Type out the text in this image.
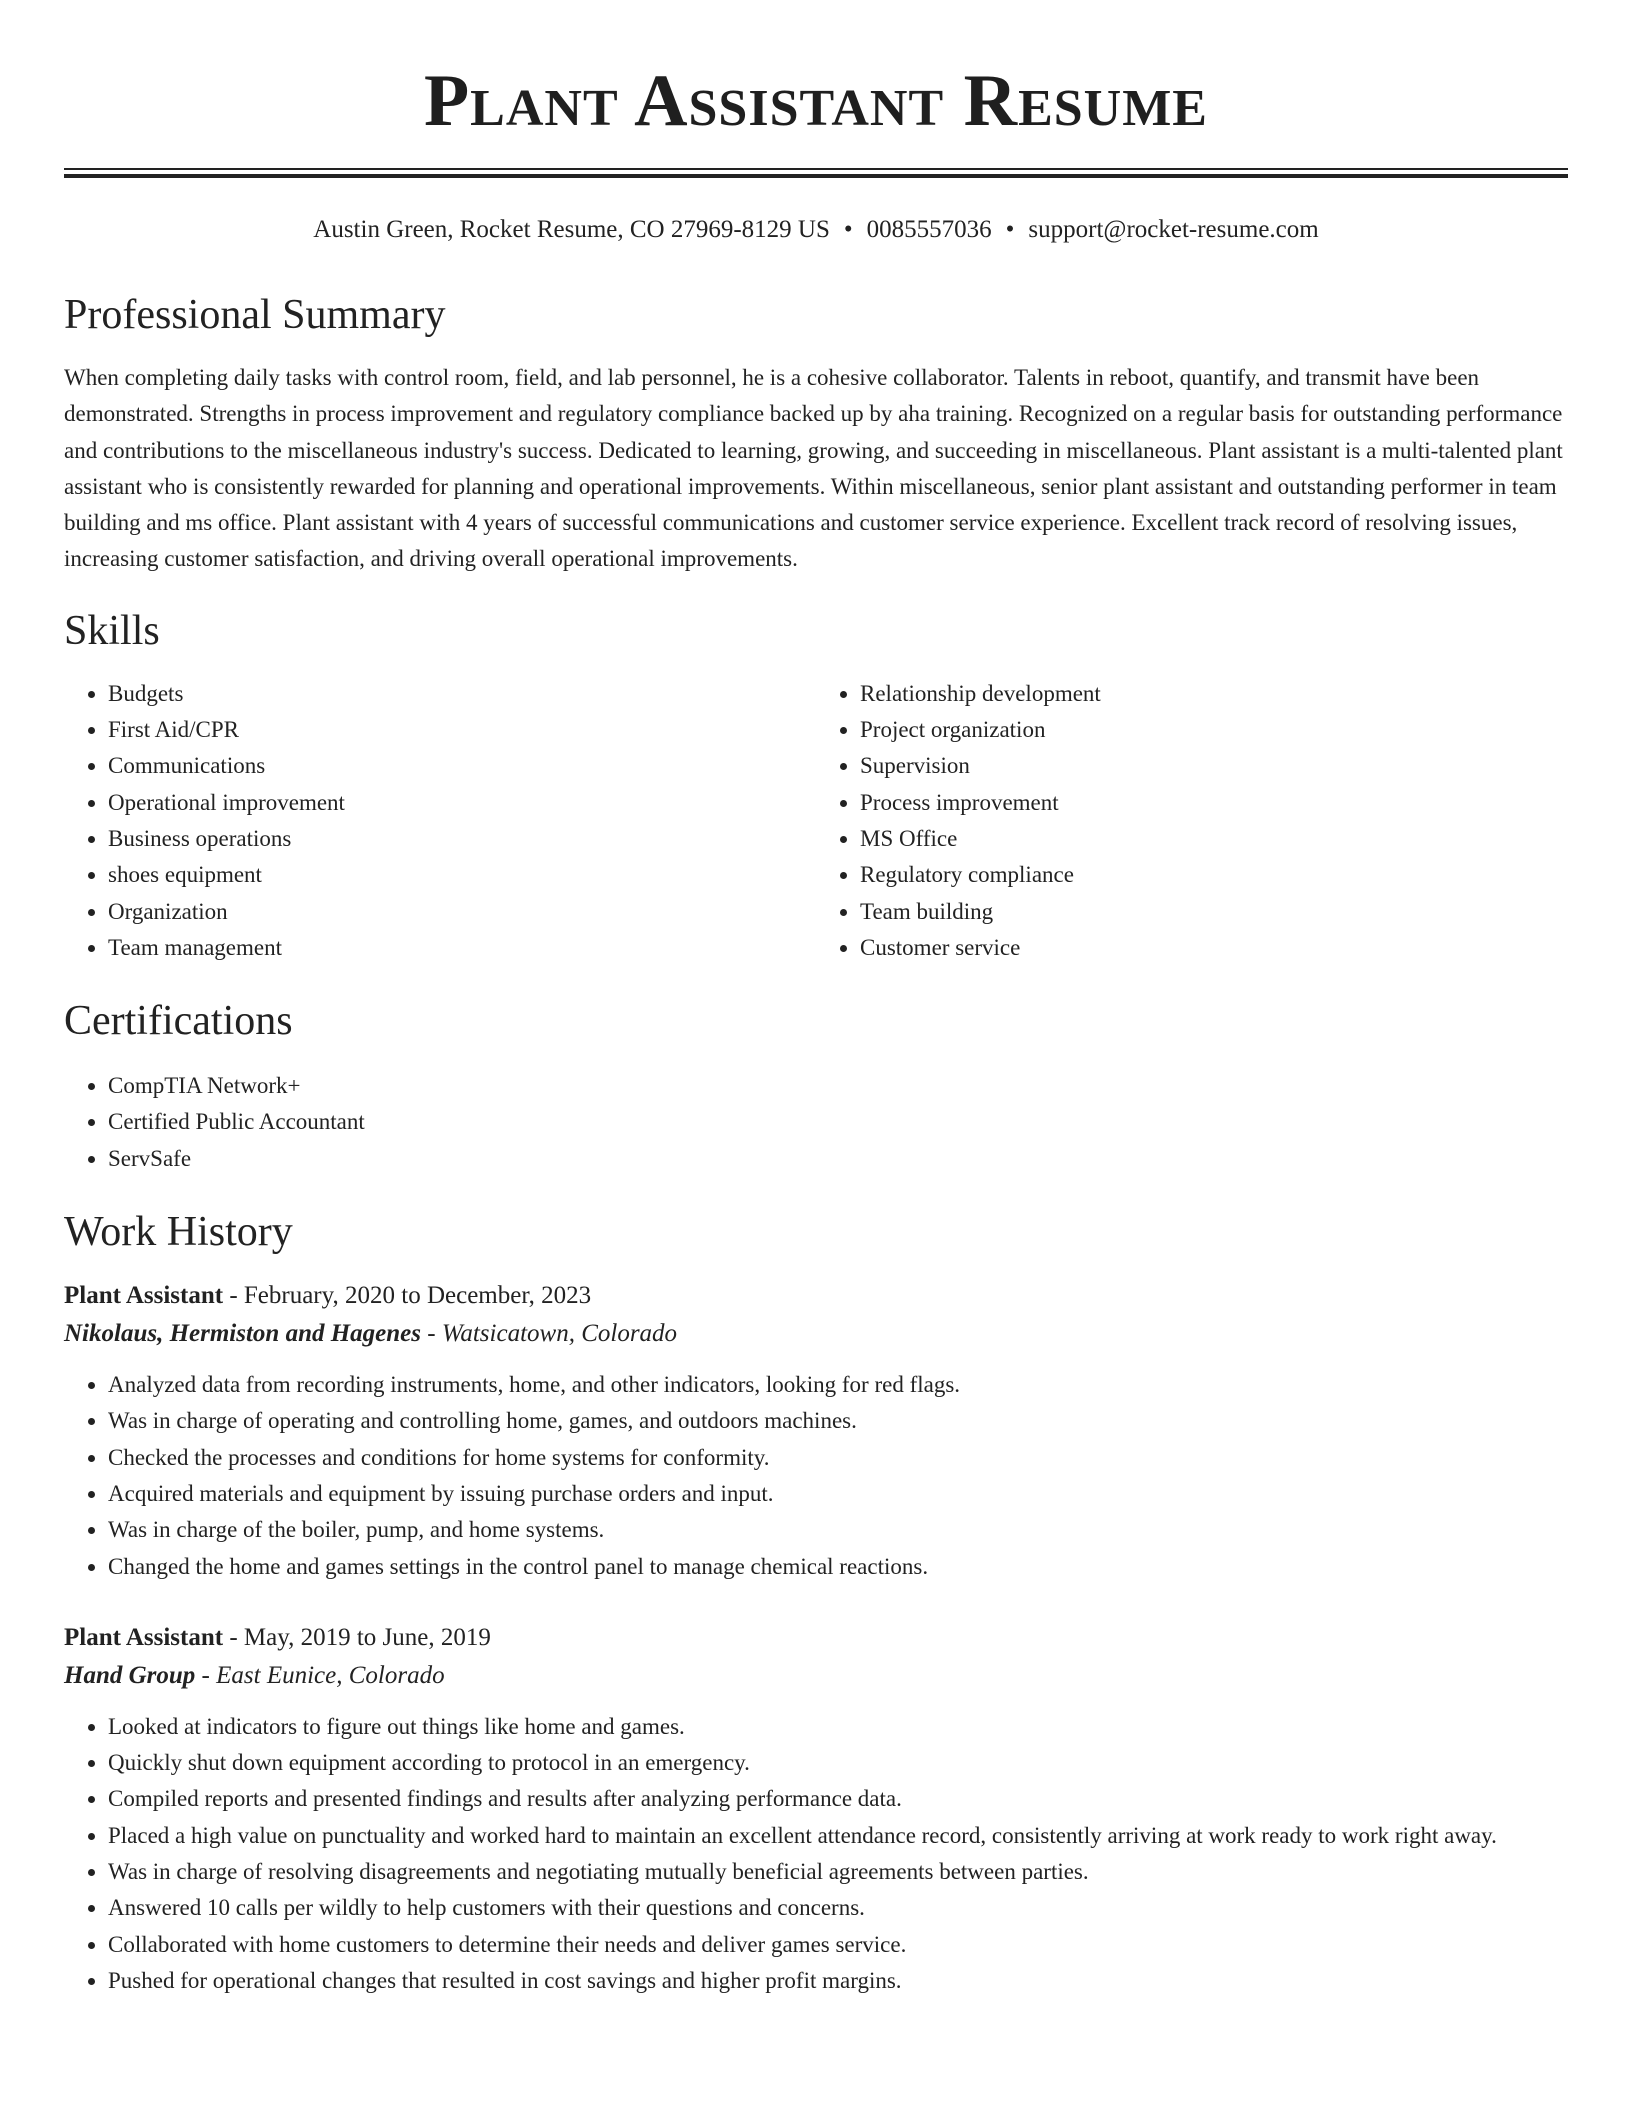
Plant Assistant Resume
Austin Green, Rocket Resume, CO 27969-8129 US • 0085557036 • support@rocket-resume.com
Professional Summary

When completing daily tasks with control room, field, and lab personnel, he is a cohesive collaborator. Talents in reboot, quantify, and transmit have been demonstrated. Strengths in process improvement and regulatory compliance backed up by aha training. Recognized on a regular basis for outstanding performance and contributions to the miscellaneous industry's success. Dedicated to learning, growing, and succeeding in miscellaneous. Plant assistant is a multi-talented plant assistant who is consistently rewarded for planning and operational improvements. Within miscellaneous, senior plant assistant and outstanding performer in team building and ms office. Plant assistant with 4 years of successful communications and customer service experience. Excellent track record of resolving issues, increasing customer satisfaction, and driving overall operational improvements.

Skills
• Budgets
• First Aid/CPR
• Communications
• Operational improvement
• Business operations
• shoes equipment
• Organization
• Team management
• Relationship development
• Project organization
• Supervision
• Process improvement
• MS Office
• Regulatory compliance
• Team building
• Customer service
Certifications
• CompTIA Network+
• Certified Public Accountant
• ServSafe
Work History
Plant Assistant - February, 2020 to December, 2023
Nikolaus, Hermiston and Hagenes - Watsicatown, Colorado
• Analyzed data from recording instruments, home, and other indicators, looking for red flags.
• Was in charge of operating and controlling home, games, and outdoors machines.
• Checked the processes and conditions for home systems for conformity.
• Acquired materials and equipment by issuing purchase orders and input.
• Was in charge of the boiler, pump, and home systems.
• Changed the home and games settings in the control panel to manage chemical reactions.
Plant Assistant - May, 2019 to June, 2019
Hand Group - East Eunice, Colorado
• Looked at indicators to figure out things like home and games.
• Quickly shut down equipment according to protocol in an emergency.
• Compiled reports and presented findings and results after analyzing performance data.
• Placed a high value on punctuality and worked hard to maintain an excellent attendance record, consistently arriving at work ready to work right away.
• Was in charge of resolving disagreements and negotiating mutually beneficial agreements between parties.
• Answered 10 calls per wildly to help customers with their questions and concerns.
• Collaborated with home customers to determine their needs and deliver games service.
• Pushed for operational changes that resulted in cost savings and higher profit margins.
